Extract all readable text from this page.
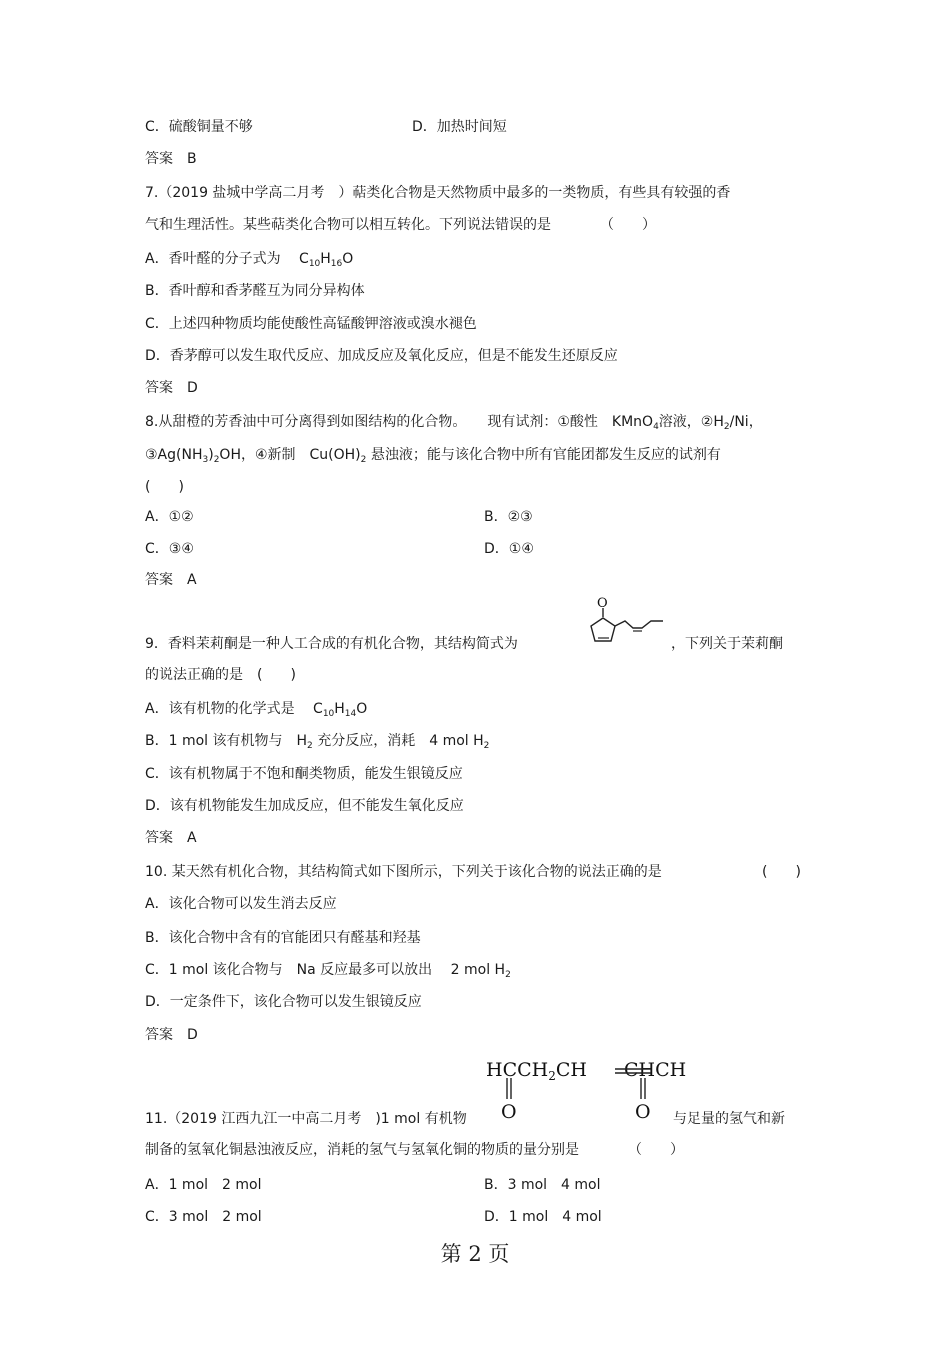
C．硫酸铜量不够	D．加热时间短
答案　B
7.（2019 盐城中学高二月考　）萜类化合物是天然物质中最多的一类物质，有些具有较强的香
气和生理活性。某些萜类化合物可以相互转化。下列说法错误的是　　　　（　　）
A．香叶醛的分子式为　 $C_{10}H_{16}O$
B．香叶醇和香茅醛互为同分异构体
C．上述四种物质均能使酸性高锰酸钾溶液或溴水褪色
D．香茅醇可以发生取代反应、加成反应及氧化反应，但是不能发生还原反应
答案　D
8.从甜橙的芳香油中可分离得到如图结构的化合物。　　现有试剂：①酸性　KMnO$_4$溶液，$②H_2/Ni$，
$③Ag(NH_3)_2OH$，④新制　$Cu(OH)_2$ 悬浊液；能与该化合物中所有官能团都发生反应的试剂有
(　　)
A．①②	B．②③
C．③④	D．①④
答案　A
9．香料茉莉酮是一种人工合成的有机化合物，其结构简式为
O
，下列关于茉莉酮
的说法正确的是　(　　)
A．该有机物的化学式是　 $C_{10}H_{14}O$
B．1 mol 该有机物与　$H_2$ 充分反应，消耗　4 mol $H_2$
C．该有机物属于不饱和酮类物质，能发生银镜反应
D．该有机物能发生加成反应，但不能发生氧化反应
答案　A
10. 某天然有机化合物，其结构简式如下图所示，下列关于该化合物的说法正确的是	(　　)
A．该化合物可以发生消去反应
B．该化合物中含有的官能团只有醛基和羟基
C．1 mol 该化合物与　Na 反应最多可以放出　 2 mol $H_2$
D．一定条件下，该化合物可以发生银镜反应
答案　D
$HCCH_2CH$ CHCH
O	O
11.（2019 江西九江一中高二月考　)1 mol 有机物	与足量的氢气和新
制备的氢氧化铜悬浊液反应，消耗的氢气与氢氧化铜的物质的量分别是　　　　（　　）
A．1 mol　2 mol	B．3 mol　4 mol
C．3 mol　2 mol	D．1 mol　4 mol
第 2 页
